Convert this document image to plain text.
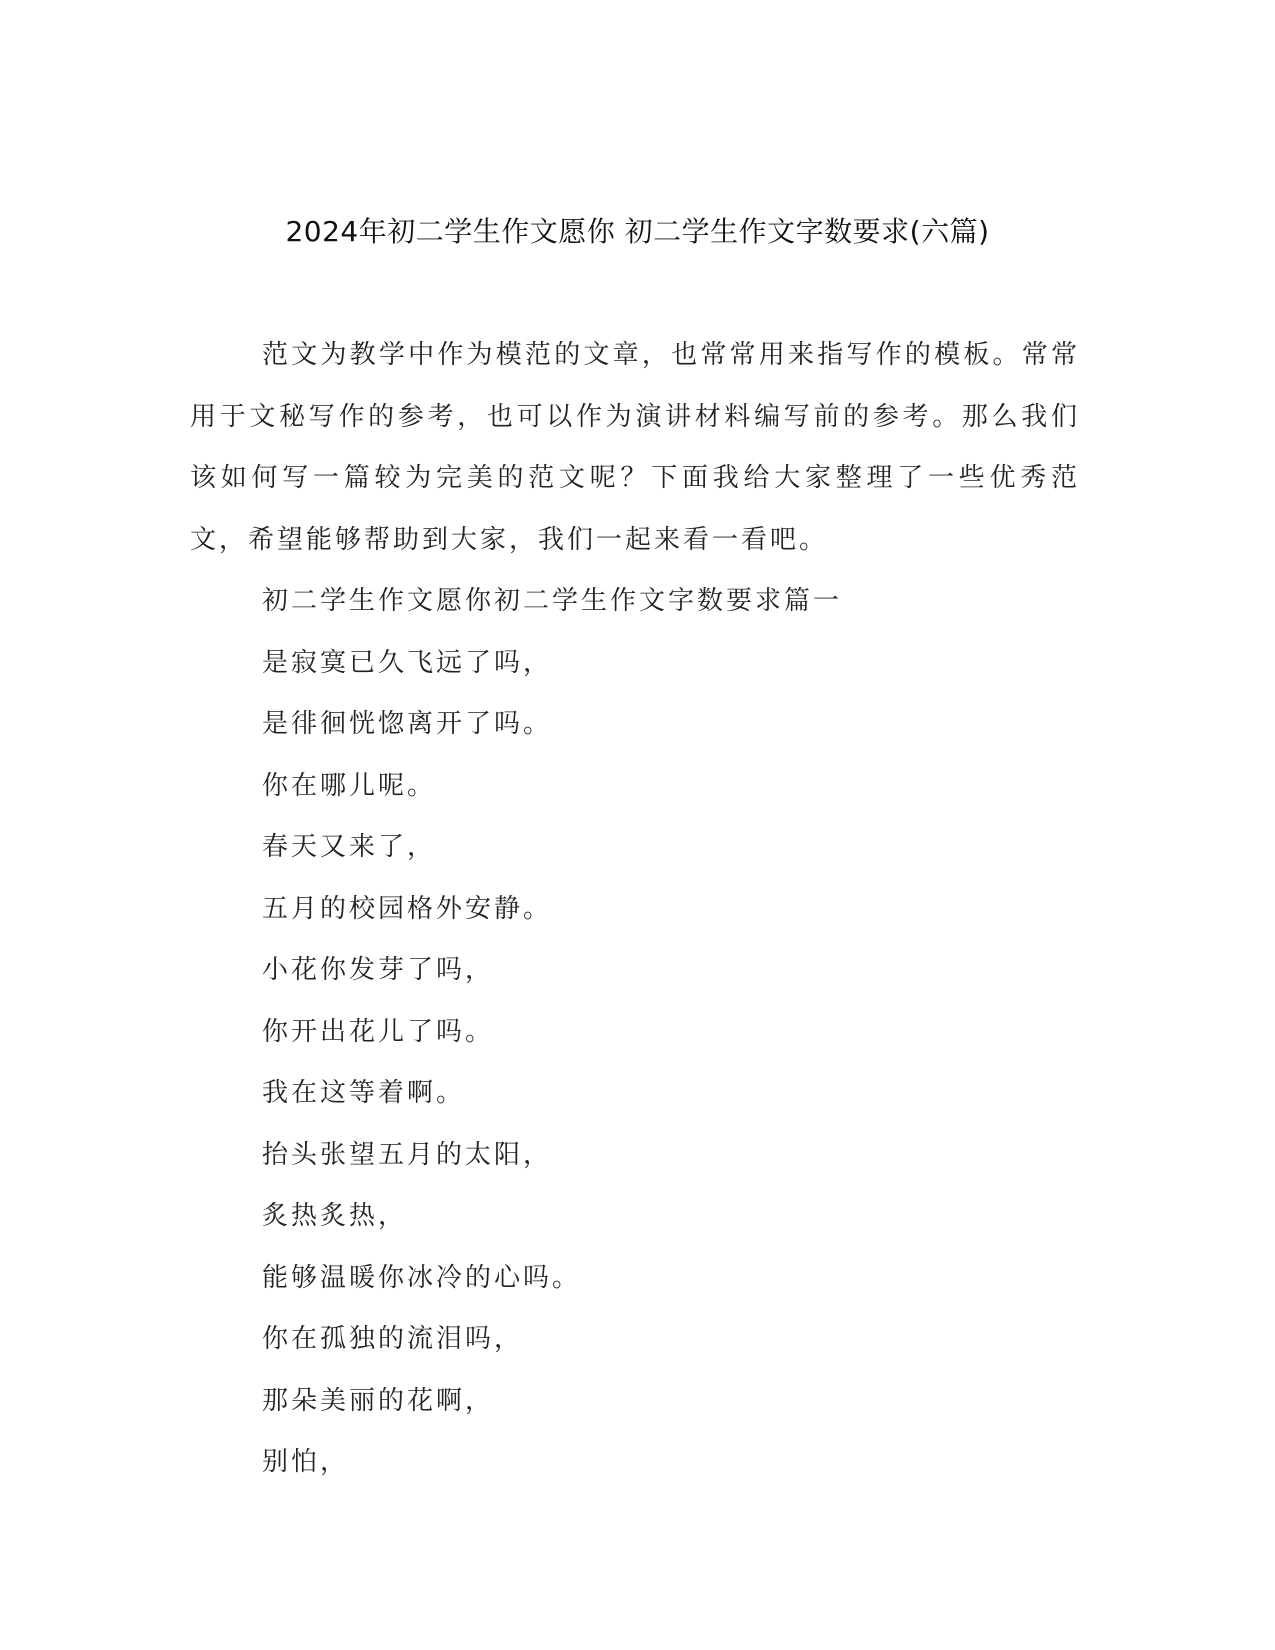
2024年初二学生作文愿你 初二学生作文字数要求(六篇)

范文为教学中作为模范的文章，也常常用来指写作的模板。常常用于文秘写作的参考，也可以作为演讲材料编写前的参考。那么我们该如何写一篇较为完美的范文呢？下面我给大家整理了一些优秀范文，希望能够帮助到大家，我们一起来看一看吧。

初二学生作文愿你初二学生作文字数要求篇一
是寂寞已久飞远了吗，
是徘徊恍惚离开了吗。
你在哪儿呢。
春天又来了，
五月的校园格外安静。
小花你发芽了吗，
你开出花儿了吗。
我在这等着啊。
抬头张望五月的太阳，
炙热炙热，
能够温暖你冰冷的心吗。
你在孤独的流泪吗，
那朵美丽的花啊，
别怕，
